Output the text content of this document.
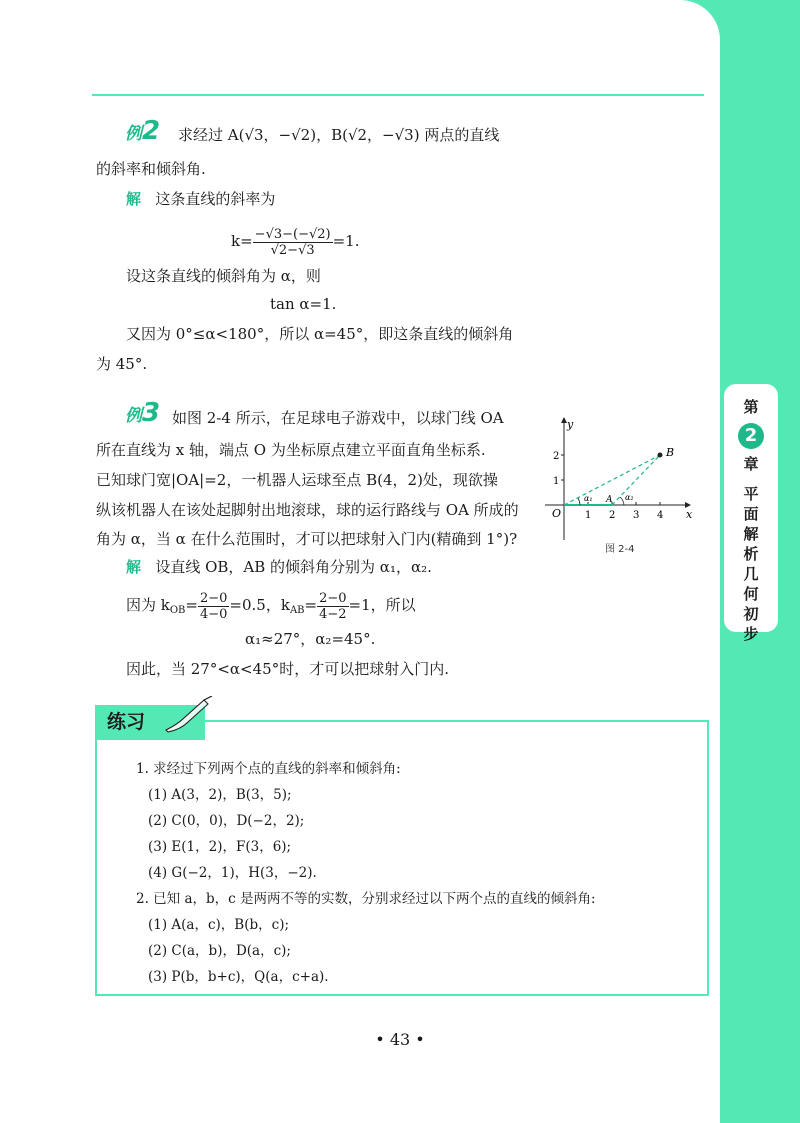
第
2
章
平
面
解
析
几
何
初
步
例2 求经过 A(√3，−√2)，B(√2，−√3) 两点的直线
的斜率和倾斜角.
解 这条直线的斜率为
$k= \frac{-√3-(-√2)}{√2-√3} =1$.
设这条直线的倾斜角为 α，则
tan α=1.
又因为 0°≤α<180°，所以 α=45°，即这条直线的倾斜角
为 45°.
例3 如图 2-4 所示，在足球电子游戏中，以球门线 OA
所在直线为 x 轴，端点 O 为坐标原点建立平面直角坐标系.
已知球门宽|OA|=2，一机器人运球至点 B(4，2)处，现欲操
纵该机器人在该处起脚射出地滚球，球的运行路线与 OA 所成的
角为 α，当 α 在什么范围时，才可以把球射入门内(精确到 1°)?
解 设直线 OB，AB 的倾斜角分别为 α₁，α₂.
因为 $k_{OB}= \frac{2-0}{4-0} =0.5$，$k_{AB}= \frac{2-0}{4-2} =1$，所以
α₁≈27°，α₂=45°.
因此，当 27°<α<45°时，才可以把球射入门内.
y
x
O 1 2 3 4
1
2	B
A
α₁	α₂
图 2-4
练习
1. 求经过下列两个点的直线的斜率和倾斜角:
(1) A(3，2)，B(3，5);
(2) C(0，0)，D(−2，2);
(3) E(1，2)，F(3，6);
(4) G(−2，1)，H(3，−2).
2. 已知 a，b，c 是两两不等的实数，分别求经过以下两个点的直线的倾斜角:
(1) A(a，c)，B(b，c);
(2) C(a，b)，D(a，c);
(3) P(b，b+c)，Q(a，c+a).
• 43 •
